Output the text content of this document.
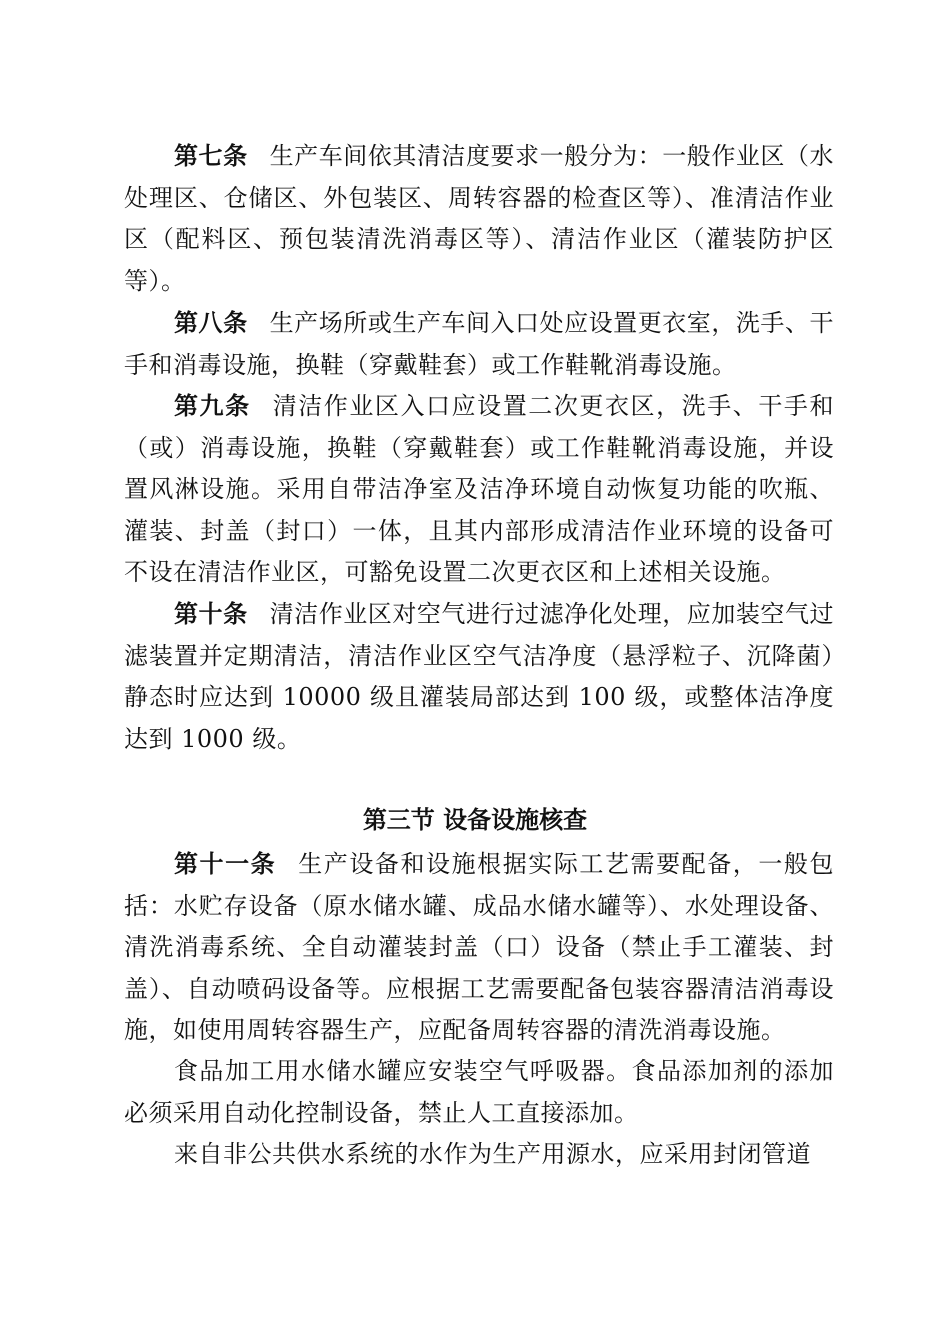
第七条 生产车间依其清洁度要求一般分为：一般作业区（水处理区、仓储区、外包装区、周转容器的检查区等）、准清洁作业区（配料区、预包装清洗消毒区等）、清洁作业区（灌装防护区等）。

第八条 生产场所或生产车间入口处应设置更衣室，洗手、干手和消毒设施，换鞋（穿戴鞋套）或工作鞋靴消毒设施。

第九条 清洁作业区入口应设置二次更衣区，洗手、干手和（或）消毒设施，换鞋（穿戴鞋套）或工作鞋靴消毒设施，并设置风淋设施。采用自带洁净室及洁净环境自动恢复功能的吹瓶、灌装、封盖（封口）一体，且其内部形成清洁作业环境的设备可不设在清洁作业区，可豁免设置二次更衣区和上述相关设施。

第十条 清洁作业区对空气进行过滤净化处理，应加装空气过滤装置并定期清洁，清洁作业区空气洁净度（悬浮粒子、沉降菌）静态时应达到 10000 级且灌装局部达到 100 级，或整体洁净度达到 1000 级。

第三节 设备设施核查

第十一条 生产设备和设施根据实际工艺需要配备，一般包括：水贮存设备（原水储水罐、成品水储水罐等）、水处理设备、清洗消毒系统、全自动灌装封盖（口）设备（禁止手工灌装、封盖）、自动喷码设备等。应根据工艺需要配备包装容器清洁消毒设施，如使用周转容器生产，应配备周转容器的清洗消毒设施。

食品加工用水储水罐应安装空气呼吸器。食品添加剂的添加必须采用自动化控制设备，禁止人工直接添加。

来自非公共供水系统的水作为生产用源水，应采用封闭管道
